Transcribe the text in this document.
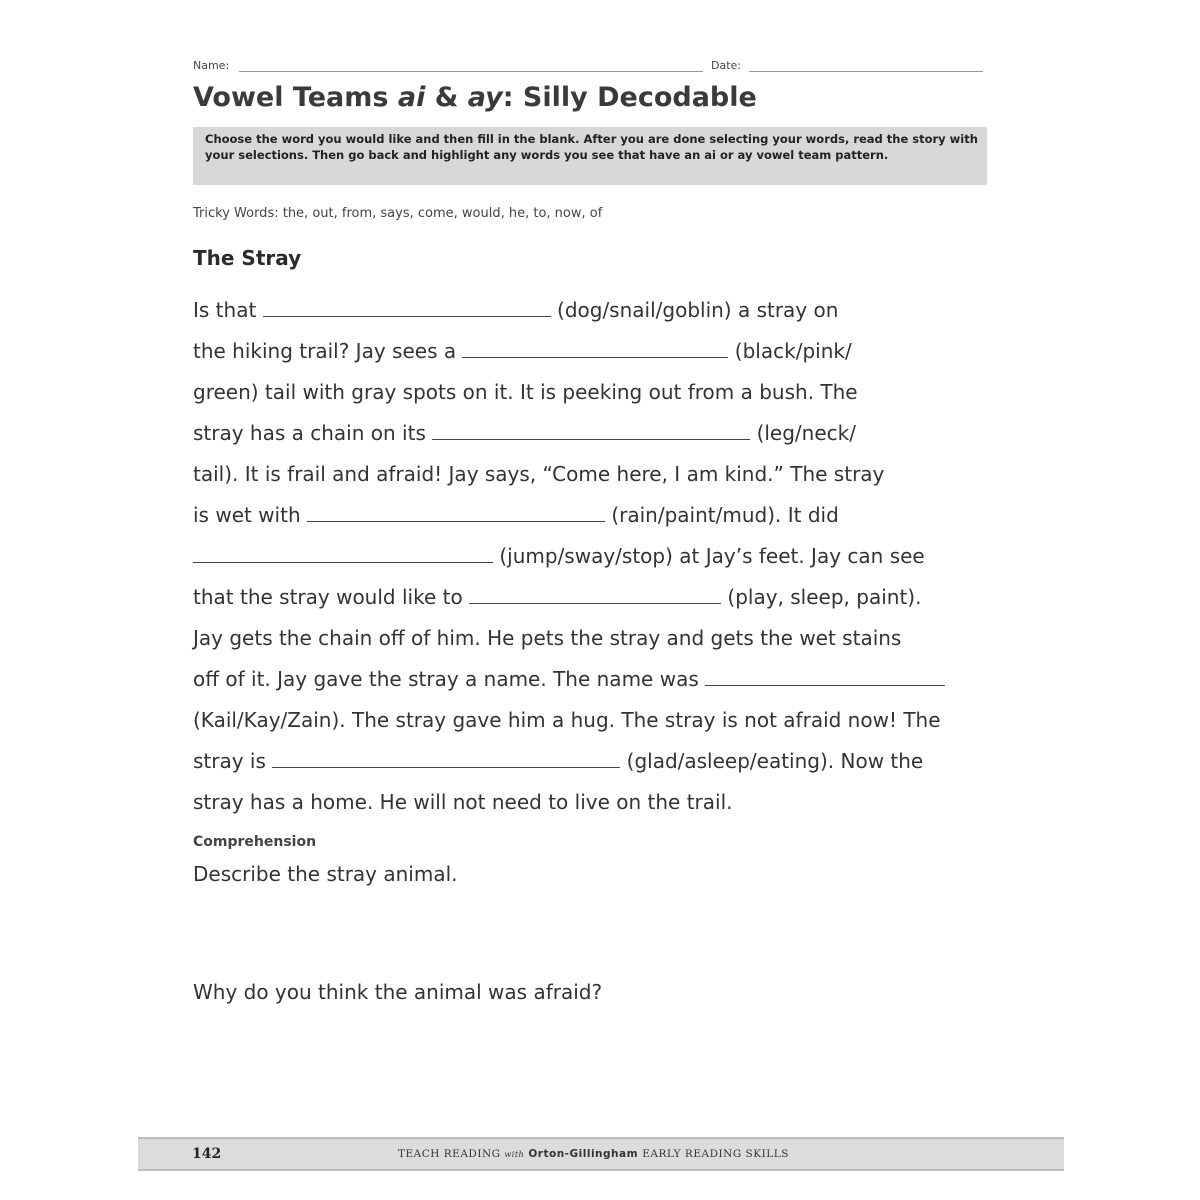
Name:	Date:
Vowel Teams ai & ay: Silly Decodable
Choose the word you would like and then fill in the blank. After you are done selecting your words, read the story with your selections. Then go back and highlight any words you see that have an ai or ay vowel team pattern.
Tricky Words: the, out, from, says, come, would, he, to, now, of
The Stray
Is that	(dog/snail/goblin) a stray on
the hiking trail? Jay sees a	(black/pink/
green) tail with gray spots on it. It is peeking out from a bush. The
stray has a chain on its	(leg/neck/
tail). It is frail and afraid! Jay says, “Come here, I am kind.” The stray
is wet with	(rain/paint/mud). It did
(jump/sway/stop) at Jay’s feet. Jay can see
that the stray would like to	(play, sleep, paint).
Jay gets the chain off of him. He pets the stray and gets the wet stains
off of it. Jay gave the stray a name. The name was
(Kail/Kay/Zain). The stray gave him a hug. The stray is not afraid now! The
stray is	(glad/asleep/eating). Now the
stray has a home. He will not need to live on the trail.
Comprehension
Describe the stray animal.
Why do you think the animal was afraid?
142	TEACH READING with Orton-Gillingham EARLY READING SKILLS
